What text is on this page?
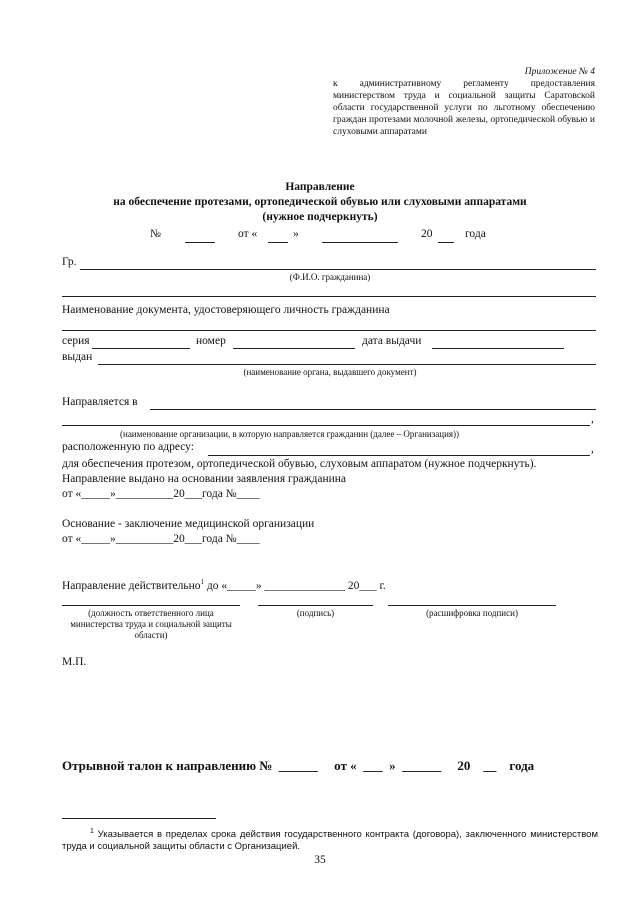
Приложение № 4
к административному регламенту предоставления министерством труда и социальной защиты Саратовской области государственной услуги по льготному обеспечению граждан протезами молочной железы, ортопедической обувью и слуховыми аппаратами
Направление
на обеспечение протезами, ортопедической обувью или слуховыми аппаратами
(нужное подчеркнуть)
№	от «	»	20	года
Гр.
(Ф.И.О. гражданина)
Наименование документа, удостоверяющего личность гражданина
серия	номер	дата выдачи
выдан
(наименование органа, выдавшего документ)
Направляется в
,
(наименование организации, в которую направляется гражданин (далее – Организация))
расположенную по адресу:	,
для обеспечения протезом, ортопедической обувью, слуховым аппаратом (нужное подчеркнуть).
Направление выдано на основании заявления гражданина
от «_____»__________20___года №____
Основание - заключение медицинской организации
от «_____»__________20___года №____
Направление действительно$^1$ до «_____» ______________ 20___ г.
(должность ответственного лица министерства труда и социальной защиты области)
(подпись)	(расшифровка подписи)
М.П.
Отрывной талон к направлению №  ______     от «  ___  »  ______     20    __    года
$^1$ Указывается в пределах срока действия государственного контракта (договора), заключенного министерством труда и социальной защиты области с Организацией.
35
